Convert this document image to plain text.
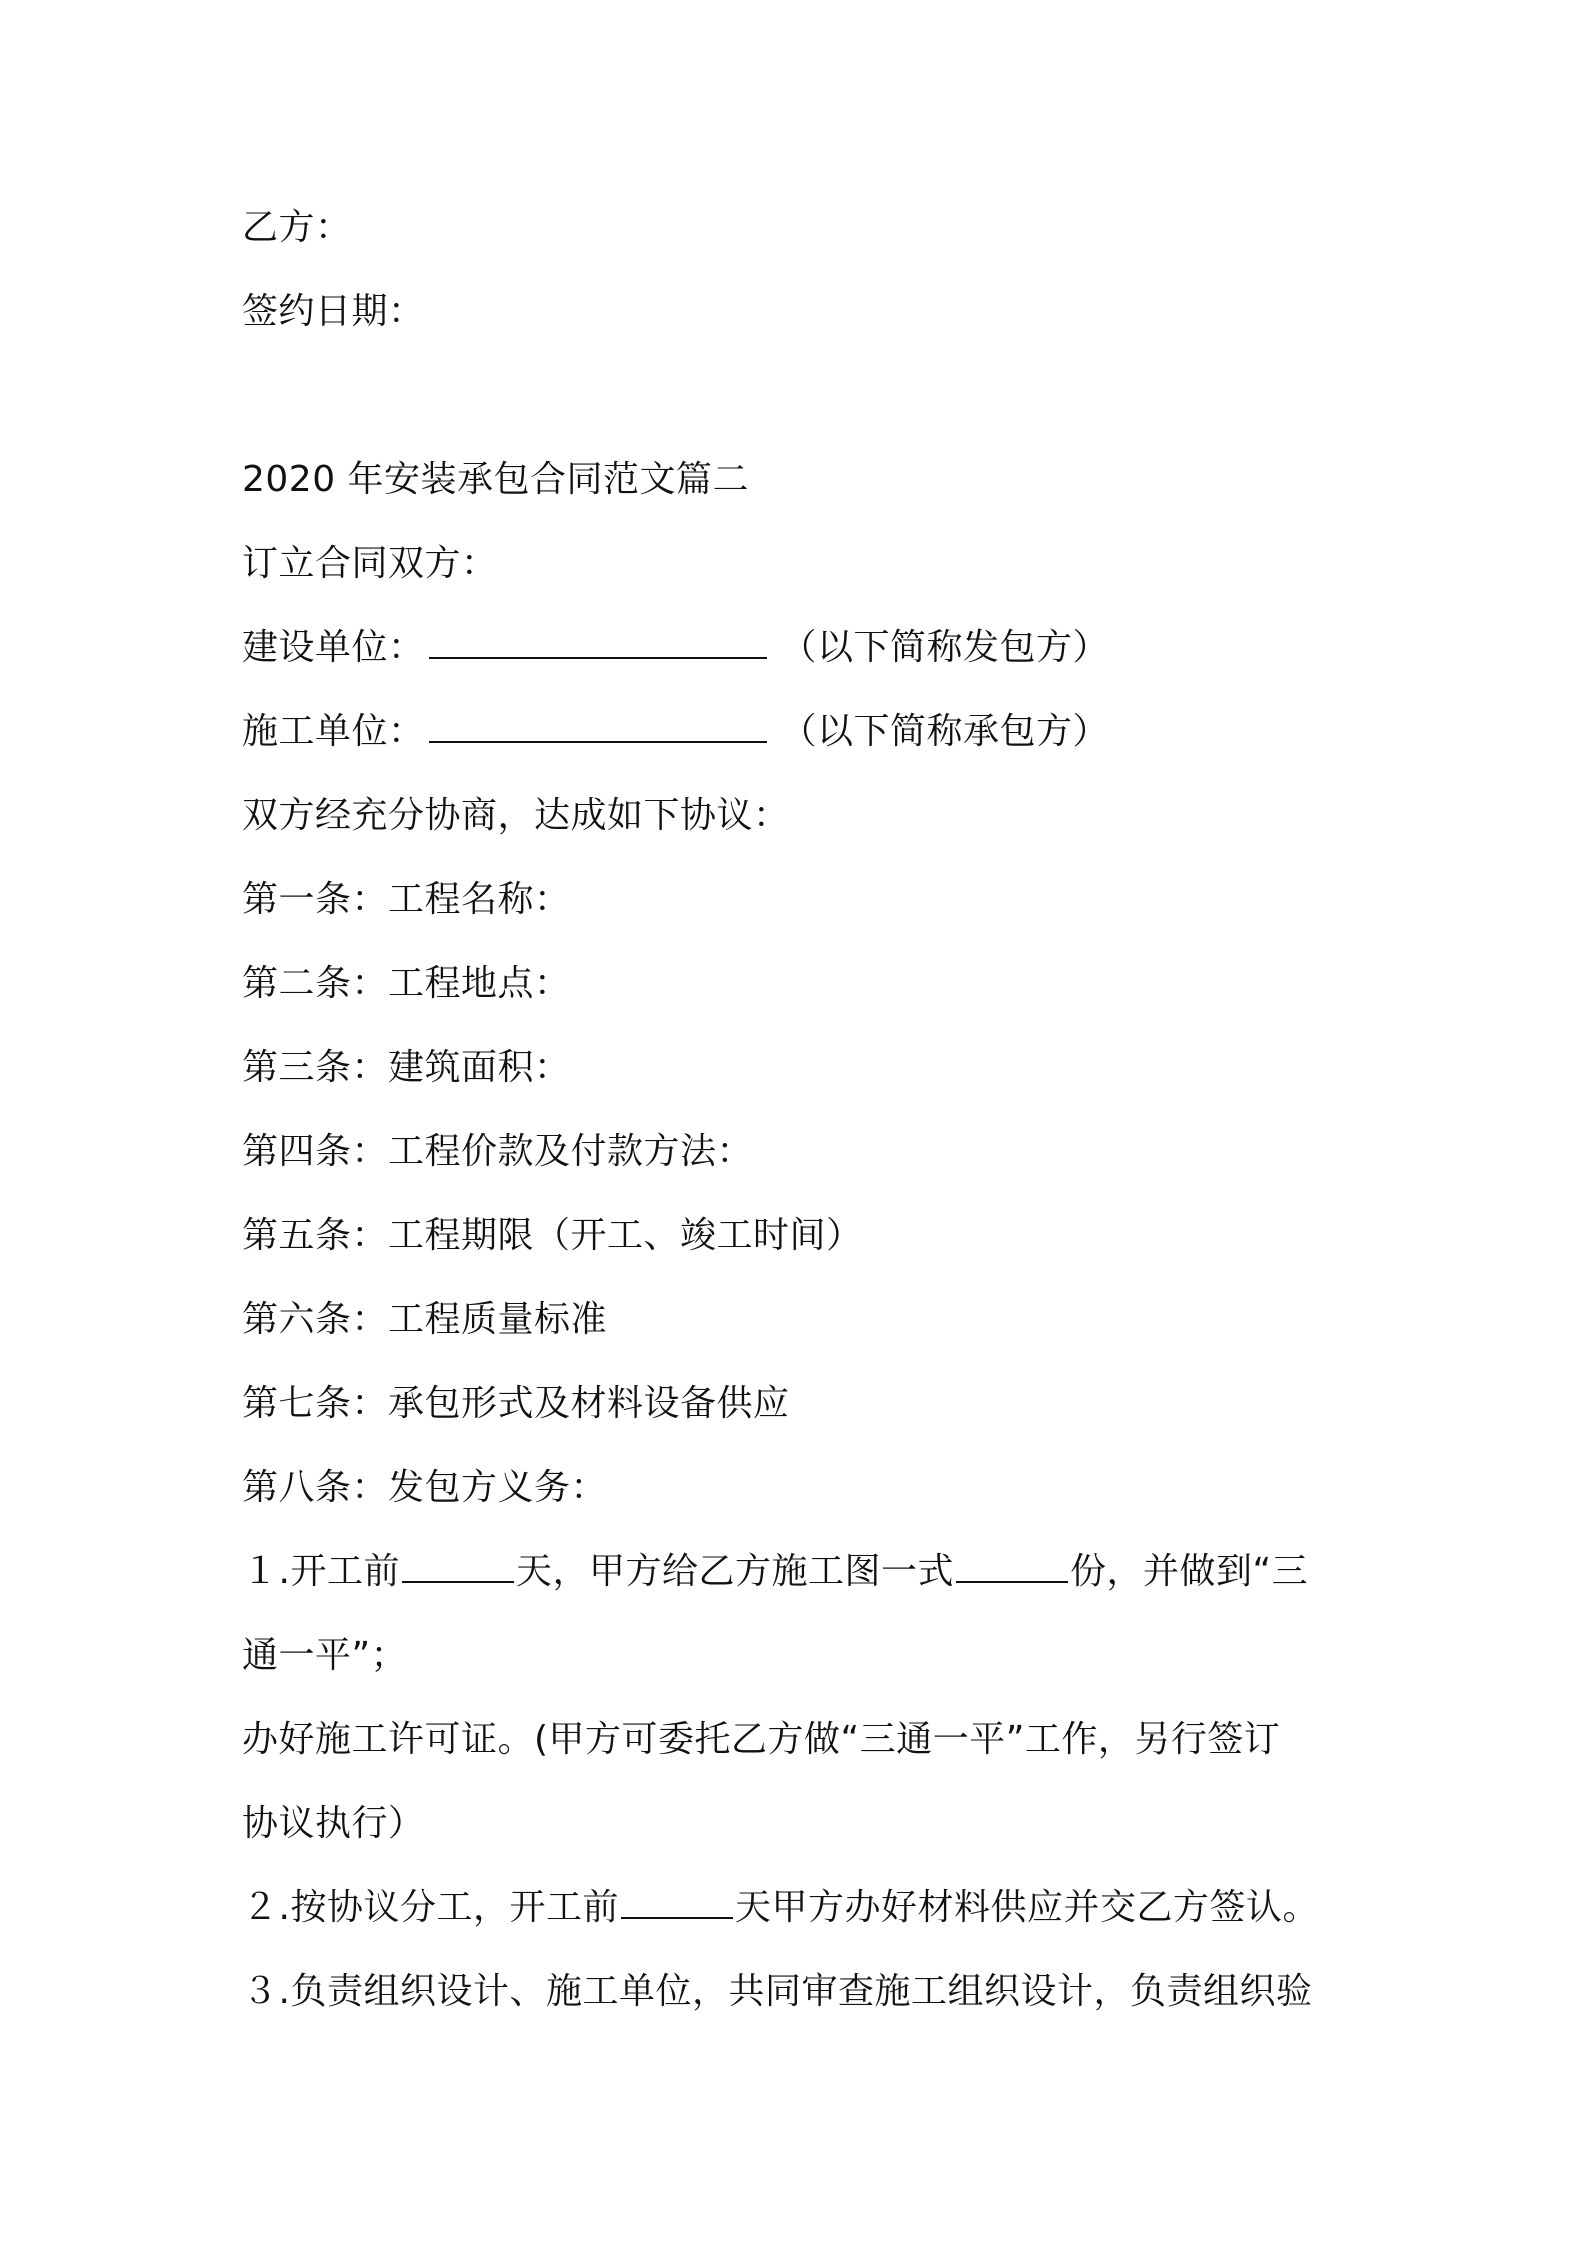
乙方：
签约日期：
2020 年安装承包合同范文篇二
订立合同双方：
建设单位：	（以下简称发包方）
施工单位：	（以下简称承包方）
双方经充分协商，达成如下协议：
第一条：工程名称：
第二条：工程地点：
第三条：建筑面积：
第四条：工程价款及付款方法：
第五条：工程期限（开工、竣工时间）
第六条：工程质量标准
第七条：承包形式及材料设备供应
第八条：发包方义务：
１.开工前	天，甲方给乙方施工图一式	份，并做到“三
通一平”；
办好施工许可证。(甲方可委托乙方做“三通一平”工作，另行签订
协议执行）
２.按协议分工，开工前	天甲方办好材料供应并交乙方签认。
３.负责组织设计、施工单位，共同审查施工组织设计，负责组织验
